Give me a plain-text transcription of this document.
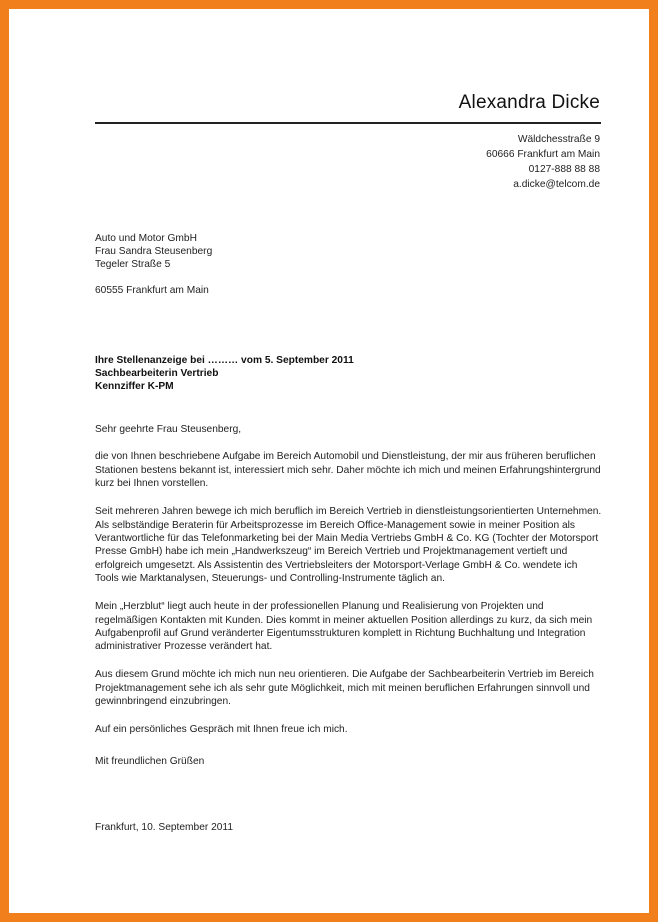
Alexandra Dicke
Wäldchesstraße 9
60666 Frankfurt am Main
0127-888 88 88
a.dicke@telcom.de
Auto und Motor GmbH
Frau Sandra Steusenberg
Tegeler Straße 5
60555 Frankfurt am Main
Ihre Stellenanzeige bei ……… vom 5. September 2011
Sachbearbeiterin Vertrieb
Kennziffer K-PM

Sehr geehrte Frau Steusenberg,

die von Ihnen beschriebene Aufgabe im Bereich Automobil und Dienstleistung, der mir aus früheren beruflichen Stationen bestens bekannt ist, interessiert mich sehr. Daher möchte ich mich und meinen Erfahrungshintergrund kurz bei Ihnen vorstellen.

Seit mehreren Jahren bewege ich mich beruflich im Bereich Vertrieb in dienstleistungsorientierten Unternehmen. Als selbständige Beraterin für Arbeitsprozesse im Bereich Office-Management sowie in meiner Position als Verantwortliche für das Telefonmarketing bei der Main Media Vertriebs GmbH & Co. KG (Tochter der Motorsport Presse GmbH) habe ich mein „Handwerkszeug“ im Bereich Vertrieb und Projektmanagement vertieft und erfolgreich umgesetzt. Als Assistentin des Vertriebsleiters der Motorsport-Verlage GmbH & Co. wendete ich Tools wie Marktanalysen, Steuerungs- und Controlling-Instrumente täglich an.

Mein „Herzblut“ liegt auch heute in der professionellen Planung und Realisierung von Projekten und regelmäßigen Kontakten mit Kunden. Dies kommt in meiner aktuellen Position allerdings zu kurz, da sich mein Aufgabenprofil auf Grund veränderter Eigentumsstrukturen komplett in Richtung Buchhaltung und Integration administrativer Prozesse verändert hat.

Aus diesem Grund möchte ich mich nun neu orientieren. Die Aufgabe der Sachbearbeiterin Vertrieb im Bereich Projektmanagement sehe ich als sehr gute Möglichkeit, mich mit meinen beruflichen Erfahrungen sinnvoll und gewinnbringend einzubringen.

Auf ein persönliches Gespräch mit Ihnen freue ich mich.

Mit freundlichen Grüßen
Frankfurt, 10. September 2011
